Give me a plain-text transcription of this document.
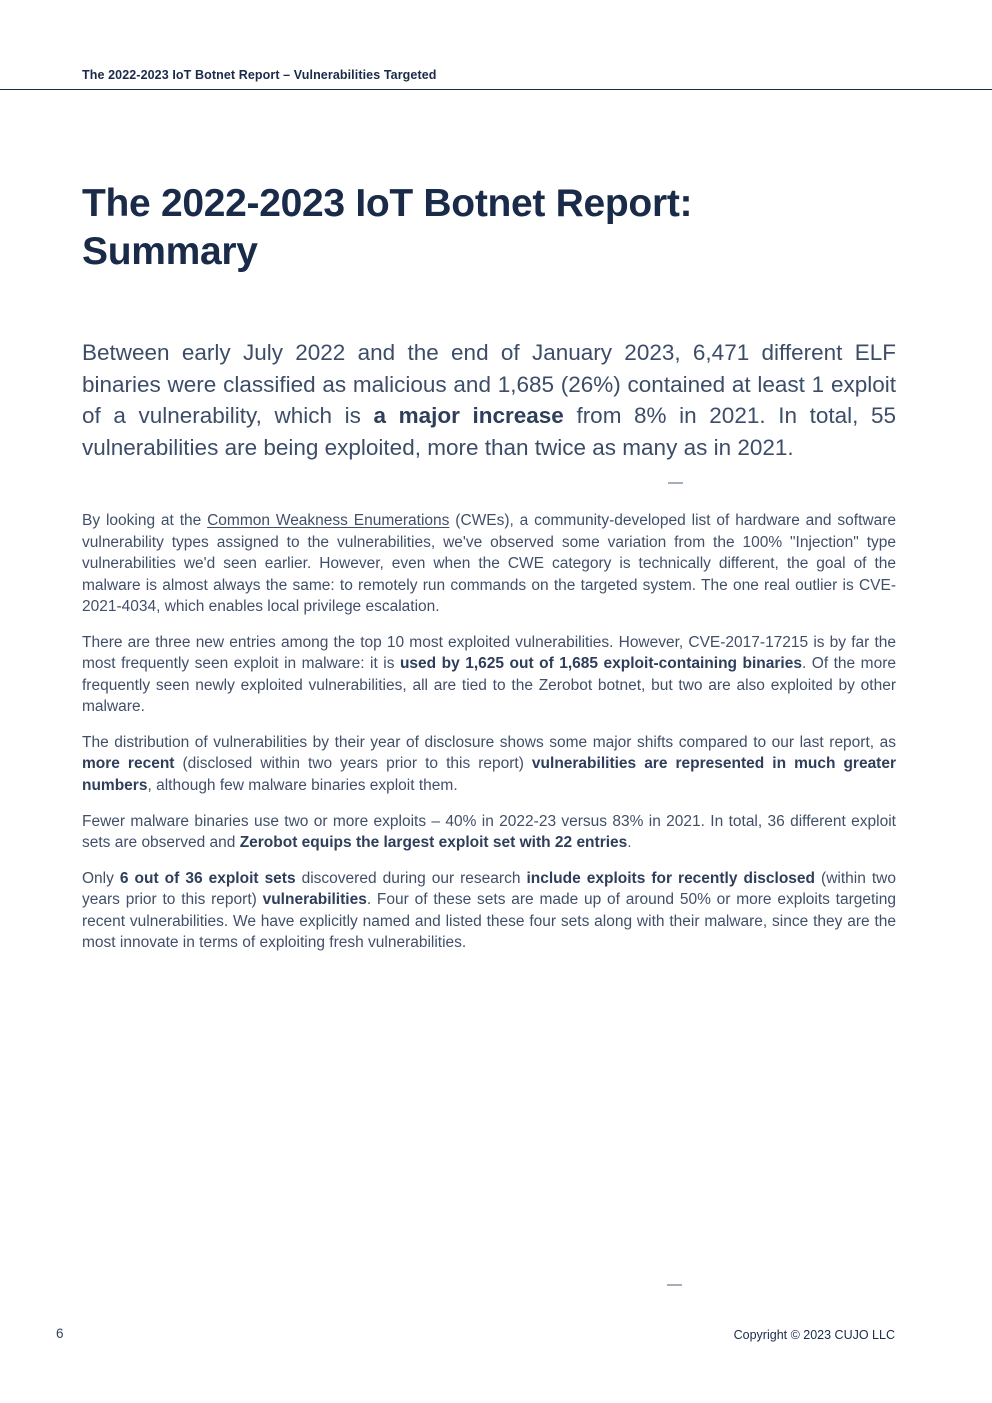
The 2022-2023 IoT Botnet Report – Vulnerabilities Targeted
The 2022-2023 IoT Botnet Report:
Summary

Between early July 2022 and the end of January 2023, 6,471 different ELF binaries were classified as malicious and 1,685 (26%) contained at least 1 exploit of a vulnerability, which is a major increase from 8% in 2021. In total, 55 vulnerabilities are being exploited, more than twice as many as in 2021.

—

By looking at the Common Weakness Enumerations (CWEs), a community-developed list of hardware and software vulnerability types assigned to the vulnerabilities, we've observed some variation from the 100% "Injection" type vulnerabilities we'd seen earlier. However, even when the CWE category is technically different, the goal of the malware is almost always the same: to remotely run commands on the targeted system. The one real outlier is CVE-2021-4034, which enables local privilege escalation.

There are three new entries among the top 10 most exploited vulnerabilities. However, CVE-2017-17215 is by far the most frequently seen exploit in malware: it is used by 1,625 out of 1,685 exploit-containing binaries. Of the more frequently seen newly exploited vulnerabilities, all are tied to the Zerobot botnet, but two are also exploited by other malware.

The distribution of vulnerabilities by their year of disclosure shows some major shifts compared to our last report, as more recent (disclosed within two years prior to this report) vulnerabilities are represented in much greater numbers, although few malware binaries exploit them.

Fewer malware binaries use two or more exploits – 40% in 2022-23 versus 83% in 2021. In total, 36 different exploit sets are observed and Zerobot equips the largest exploit set with 22 entries.

Only 6 out of 36 exploit sets discovered during our research include exploits for recently disclosed (within two years prior to this report) vulnerabilities. Four of these sets are made up of around 50% or more exploits targeting recent vulnerabilities. We have explicitly named and listed these four sets along with their malware, since they are the most innovate in terms of exploiting fresh vulnerabilities.

—
6	Copyright © 2023 CUJO LLC
